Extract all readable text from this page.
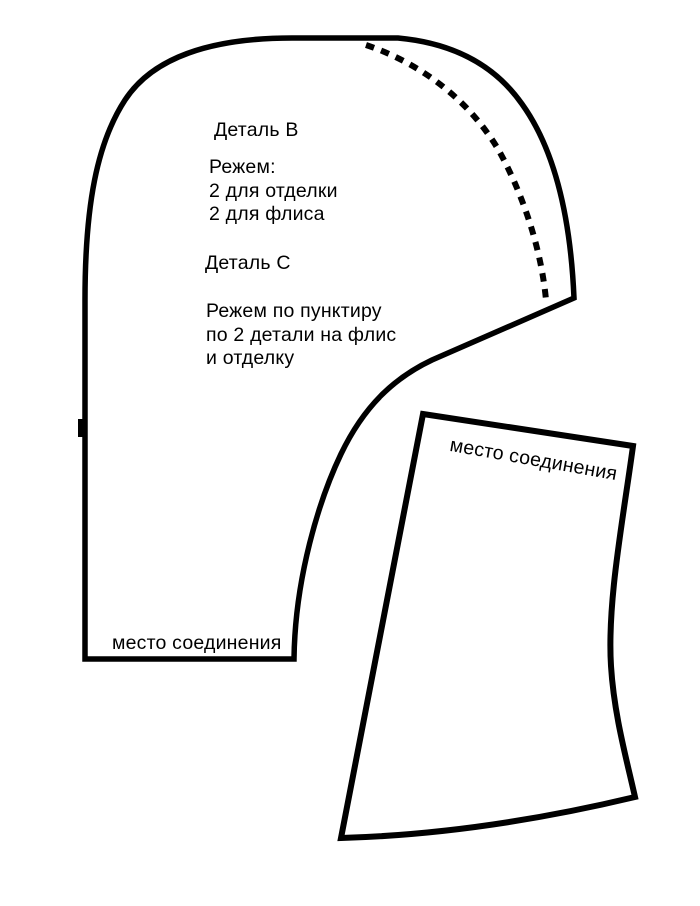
Деталь B
Режем:
2 для отделки
2 для флиса
Деталь C
Режем по пунктиру
по 2 детали на флис
и отделку
место соединения
место соединения
